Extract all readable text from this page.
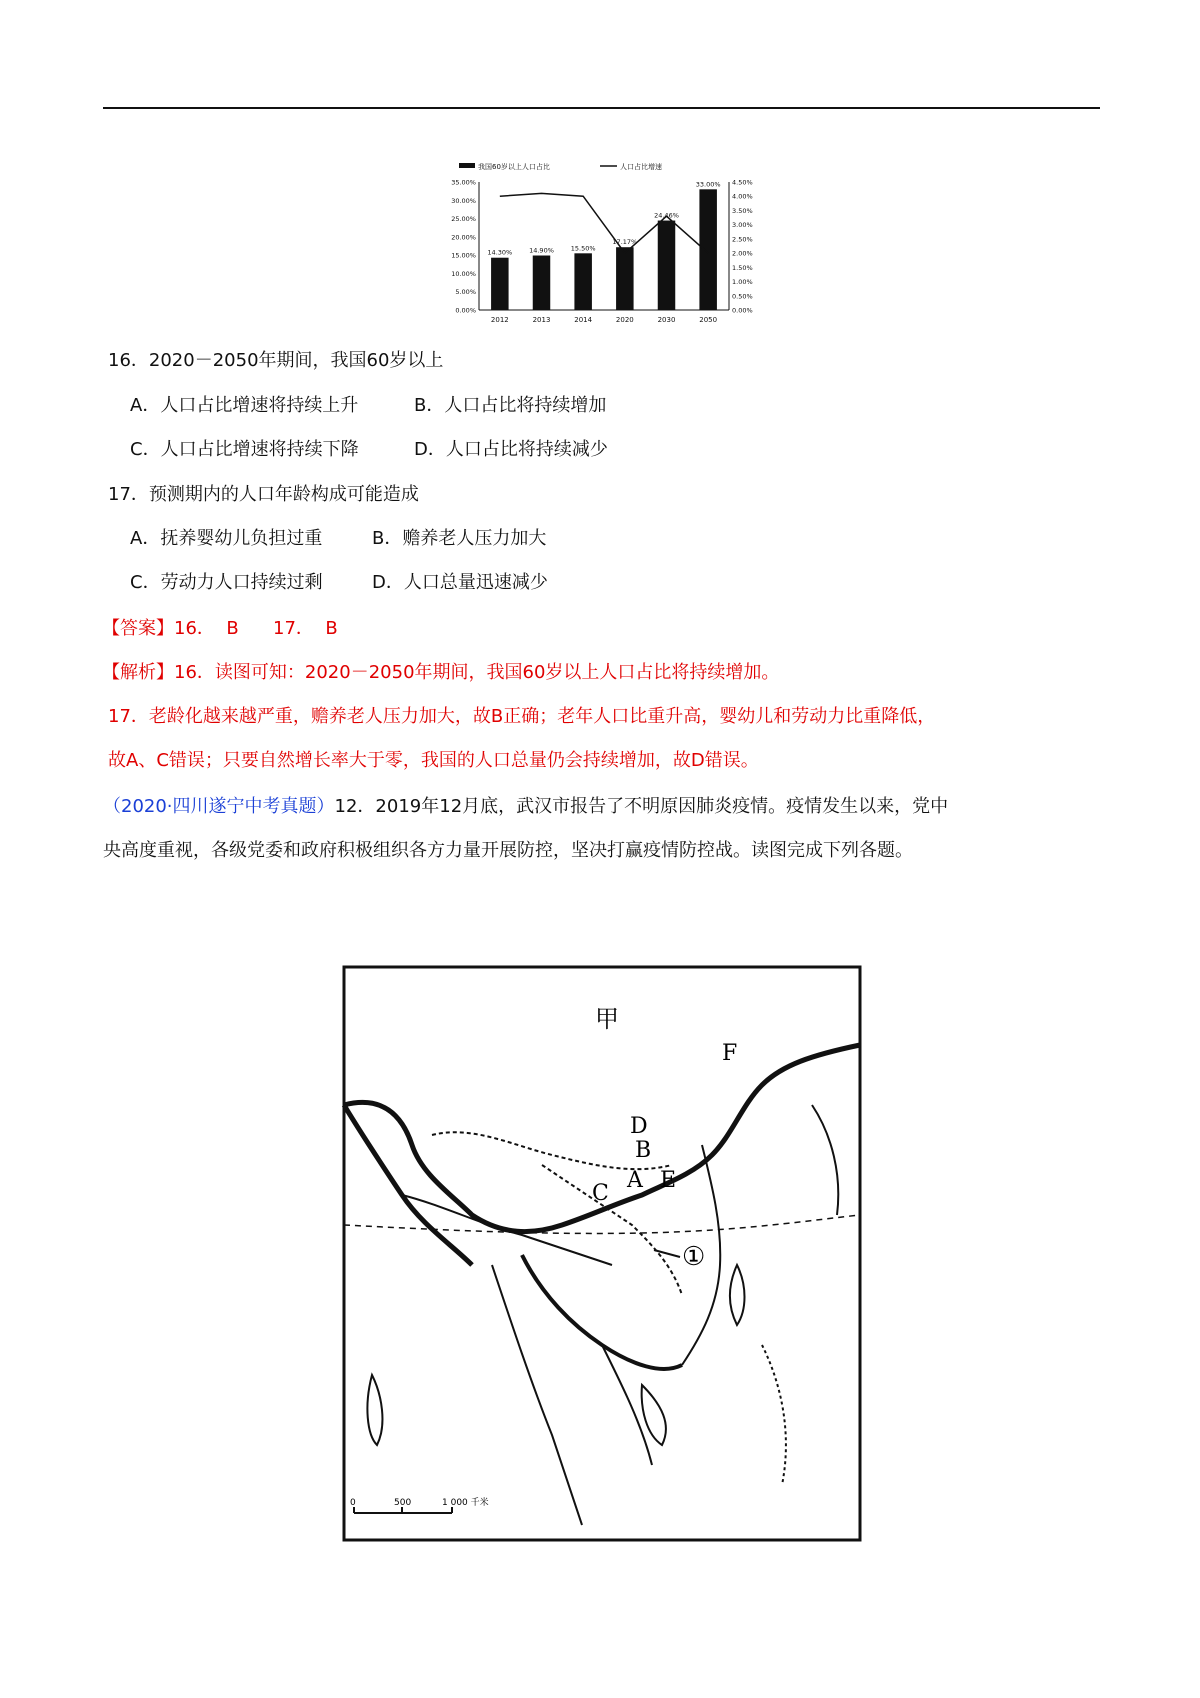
我国60岁以上人口占比	人口占比增速
0.00%
5.00%
10.00%
15.00%
20.00%
25.00%
30.00%
35.00%
0.00%
0.50%
1.00%
1.50%
2.00%
2.50%
3.00%
3.50%
4.00%
4.50%
14.30%
2012
14.90%
2013
15.50%
2014
17.17%
2020
24.46%
2030
33.00%
2050
16．2020－2050年期间，我国60岁以上
A．人口占比增速将持续上升	B．人口占比将持续增加
C．人口占比增速将持续下降	D．人口占比将持续减少
17．预测期内的人口年龄构成可能造成
A．抚养婴幼儿负担过重	B．赡养老人压力加大
C．劳动力人口持续过剩	D．人口总量迅速减少
【答案】16．  B      17．  B
【解析】16．读图可知：2020－2050年期间，我国60岁以上人口占比将持续增加。
17．老龄化越来越严重，赡养老人压力加大，故B正确；老年人口比重升高，婴幼儿和劳动力比重降低，
故A、C错误；只要自然增长率大于零，我国的人口总量仍会持续增加，故D错误。
（2020·四川遂宁中考真题）12．2019年12月底，武汉市报告了不明原因肺炎疫情。疫情发生以来，党中
央高度重视，各级党委和政府积极组织各方力量开展防控，坚决打赢疫情防控战。读图完成下列各题。
甲
F
D
B
A E
C
①
0	500	1 000 千米
